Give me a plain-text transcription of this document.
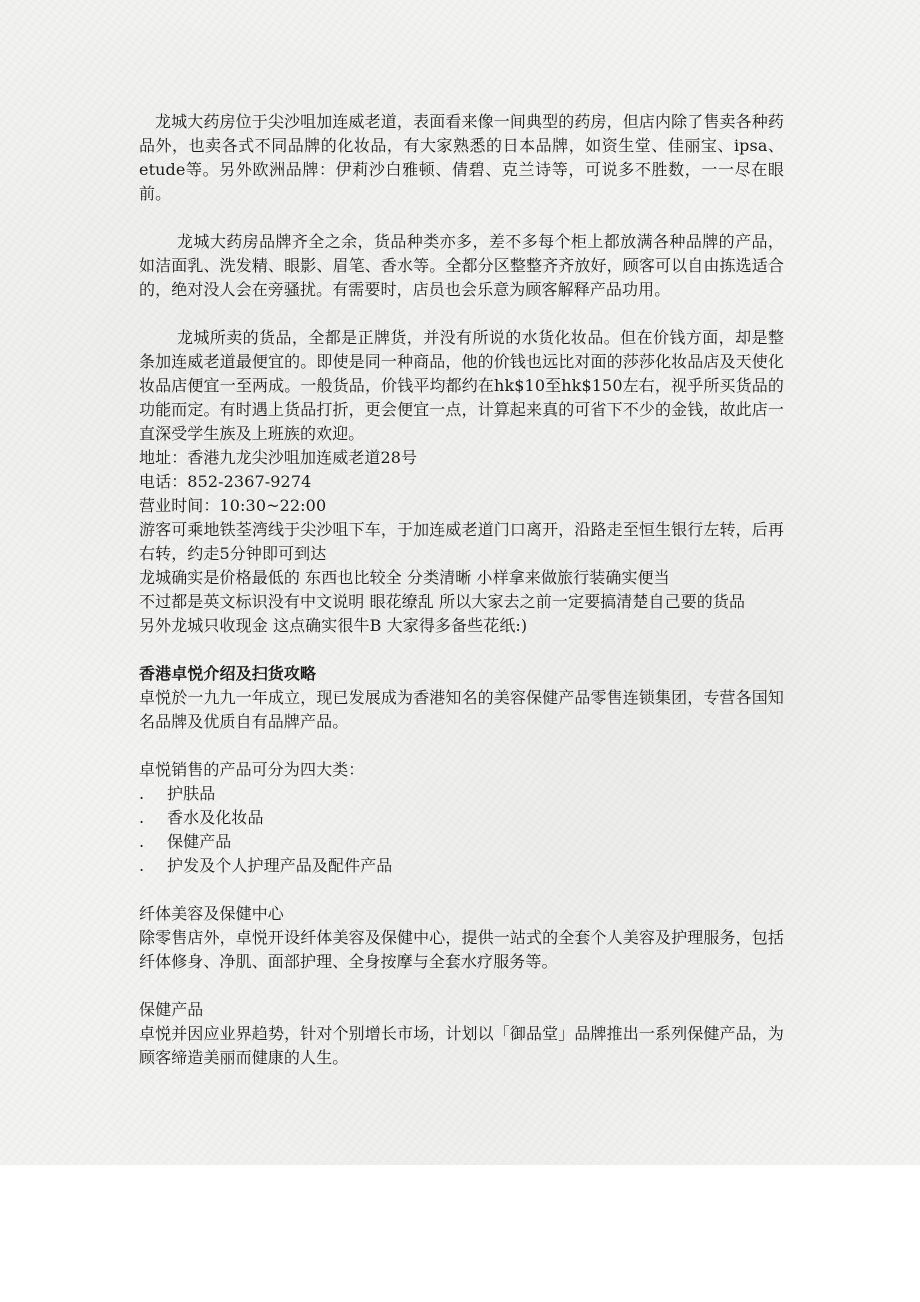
龙城大药房位于尖沙咀加连威老道，表面看来像一间典型的药房，但店内除了售卖各种药品外，也卖各式不同品牌的化妆品，有大家熟悉的日本品牌，如资生堂、佳丽宝、ipsa、etude等。另外欧洲品牌：伊莉沙白雅顿、倩碧、克兰诗等，可说多不胜数，一一尽在眼前。

龙城大药房品牌齐全之余，货品种类亦多，差不多每个柜上都放满各种品牌的产品，如洁面乳、洗发精、眼影、眉笔、香水等。全都分区整整齐齐放好，顾客可以自由拣选适合的，绝对没人会在旁骚扰。有需要时，店员也会乐意为顾客解释产品功用。

龙城所卖的货品，全都是正牌货，并没有所说的水货化妆品。但在价钱方面，却是整条加连威老道最便宜的。即使是同一种商品，他的价钱也远比对面的莎莎化妆品店及天使化妆品店便宜一至两成。一般货品，价钱平均都约在hk$10至hk$150左右，视乎所买货品的功能而定。有时遇上货品打折，更会便宜一点，计算起来真的可省下不少的金钱，故此店一直深受学生族及上班族的欢迎。

地址：香港九龙尖沙咀加连威老道28号

电话：852-2367-9274

营业时间：10:30~22:00

游客可乘地铁荃湾线于尖沙咀下车，于加连威老道门口离开，沿路走至恒生银行左转，后再右转，约走5分钟即可到达

龙城确实是价格最低的 东西也比较全 分类清晰 小样拿来做旅行装确实便当

不过都是英文标识没有中文说明 眼花缭乱 所以大家去之前一定要搞清楚自己要的货品

另外龙城只收现金 这点确实很牛B 大家得多备些花纸:)

香港卓悦介绍及扫货攻略

卓悦於一九九一年成立，现已发展成为香港知名的美容保健产品零售连锁集团，专营各国知名品牌及优质自有品牌产品。

卓悦销售的产品可分为四大类：

.	护肤品
.	香水及化妆品
.	保健产品
.	护发及个人护理产品及配件产品

纤体美容及保健中心

除零售店外，卓悦开设纤体美容及保健中心，提供一站式的全套个人美容及护理服务，包括纤体修身、净肌、面部护理、全身按摩与全套水疗服务等。

保健产品

卓悦并因应业界趋势，针对个别增长市场，计划以「御品堂」品牌推出一系列保健产品，为顾客缔造美丽而健康的人生。
